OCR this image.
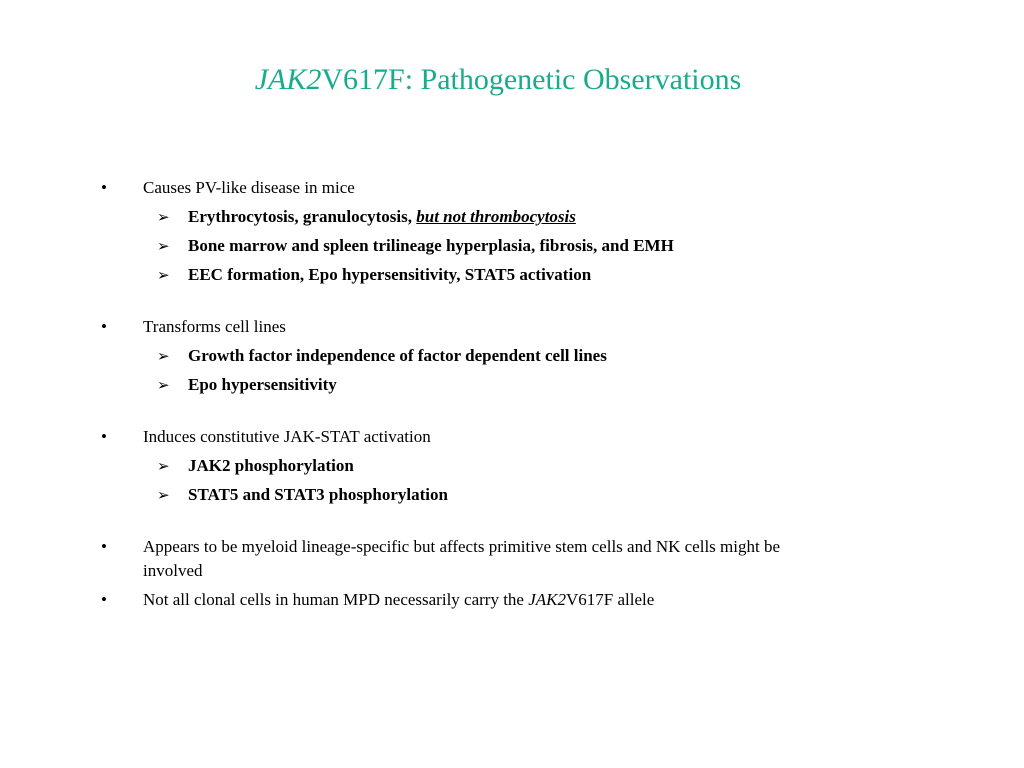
JAK2V617F: Pathogenetic Observations
• Causes PV-like disease in mice
➢ Erythrocytosis, granulocytosis, but not thrombocytosis
➢ Bone marrow and spleen trilineage hyperplasia, fibrosis, and EMH
➢ EEC formation, Epo hypersensitivity, STAT5 activation
• Transforms cell lines
➢ Growth factor independence of factor dependent cell lines
➢ Epo hypersensitivity
• Induces constitutive JAK-STAT activation
➢ JAK2 phosphorylation
➢ STAT5 and STAT3 phosphorylation
• Appears to be myeloid lineage-specific but affects primitive stem cells and NK cells might be involved
• Not all clonal cells in human MPD necessarily carry the JAK2V617F allele
